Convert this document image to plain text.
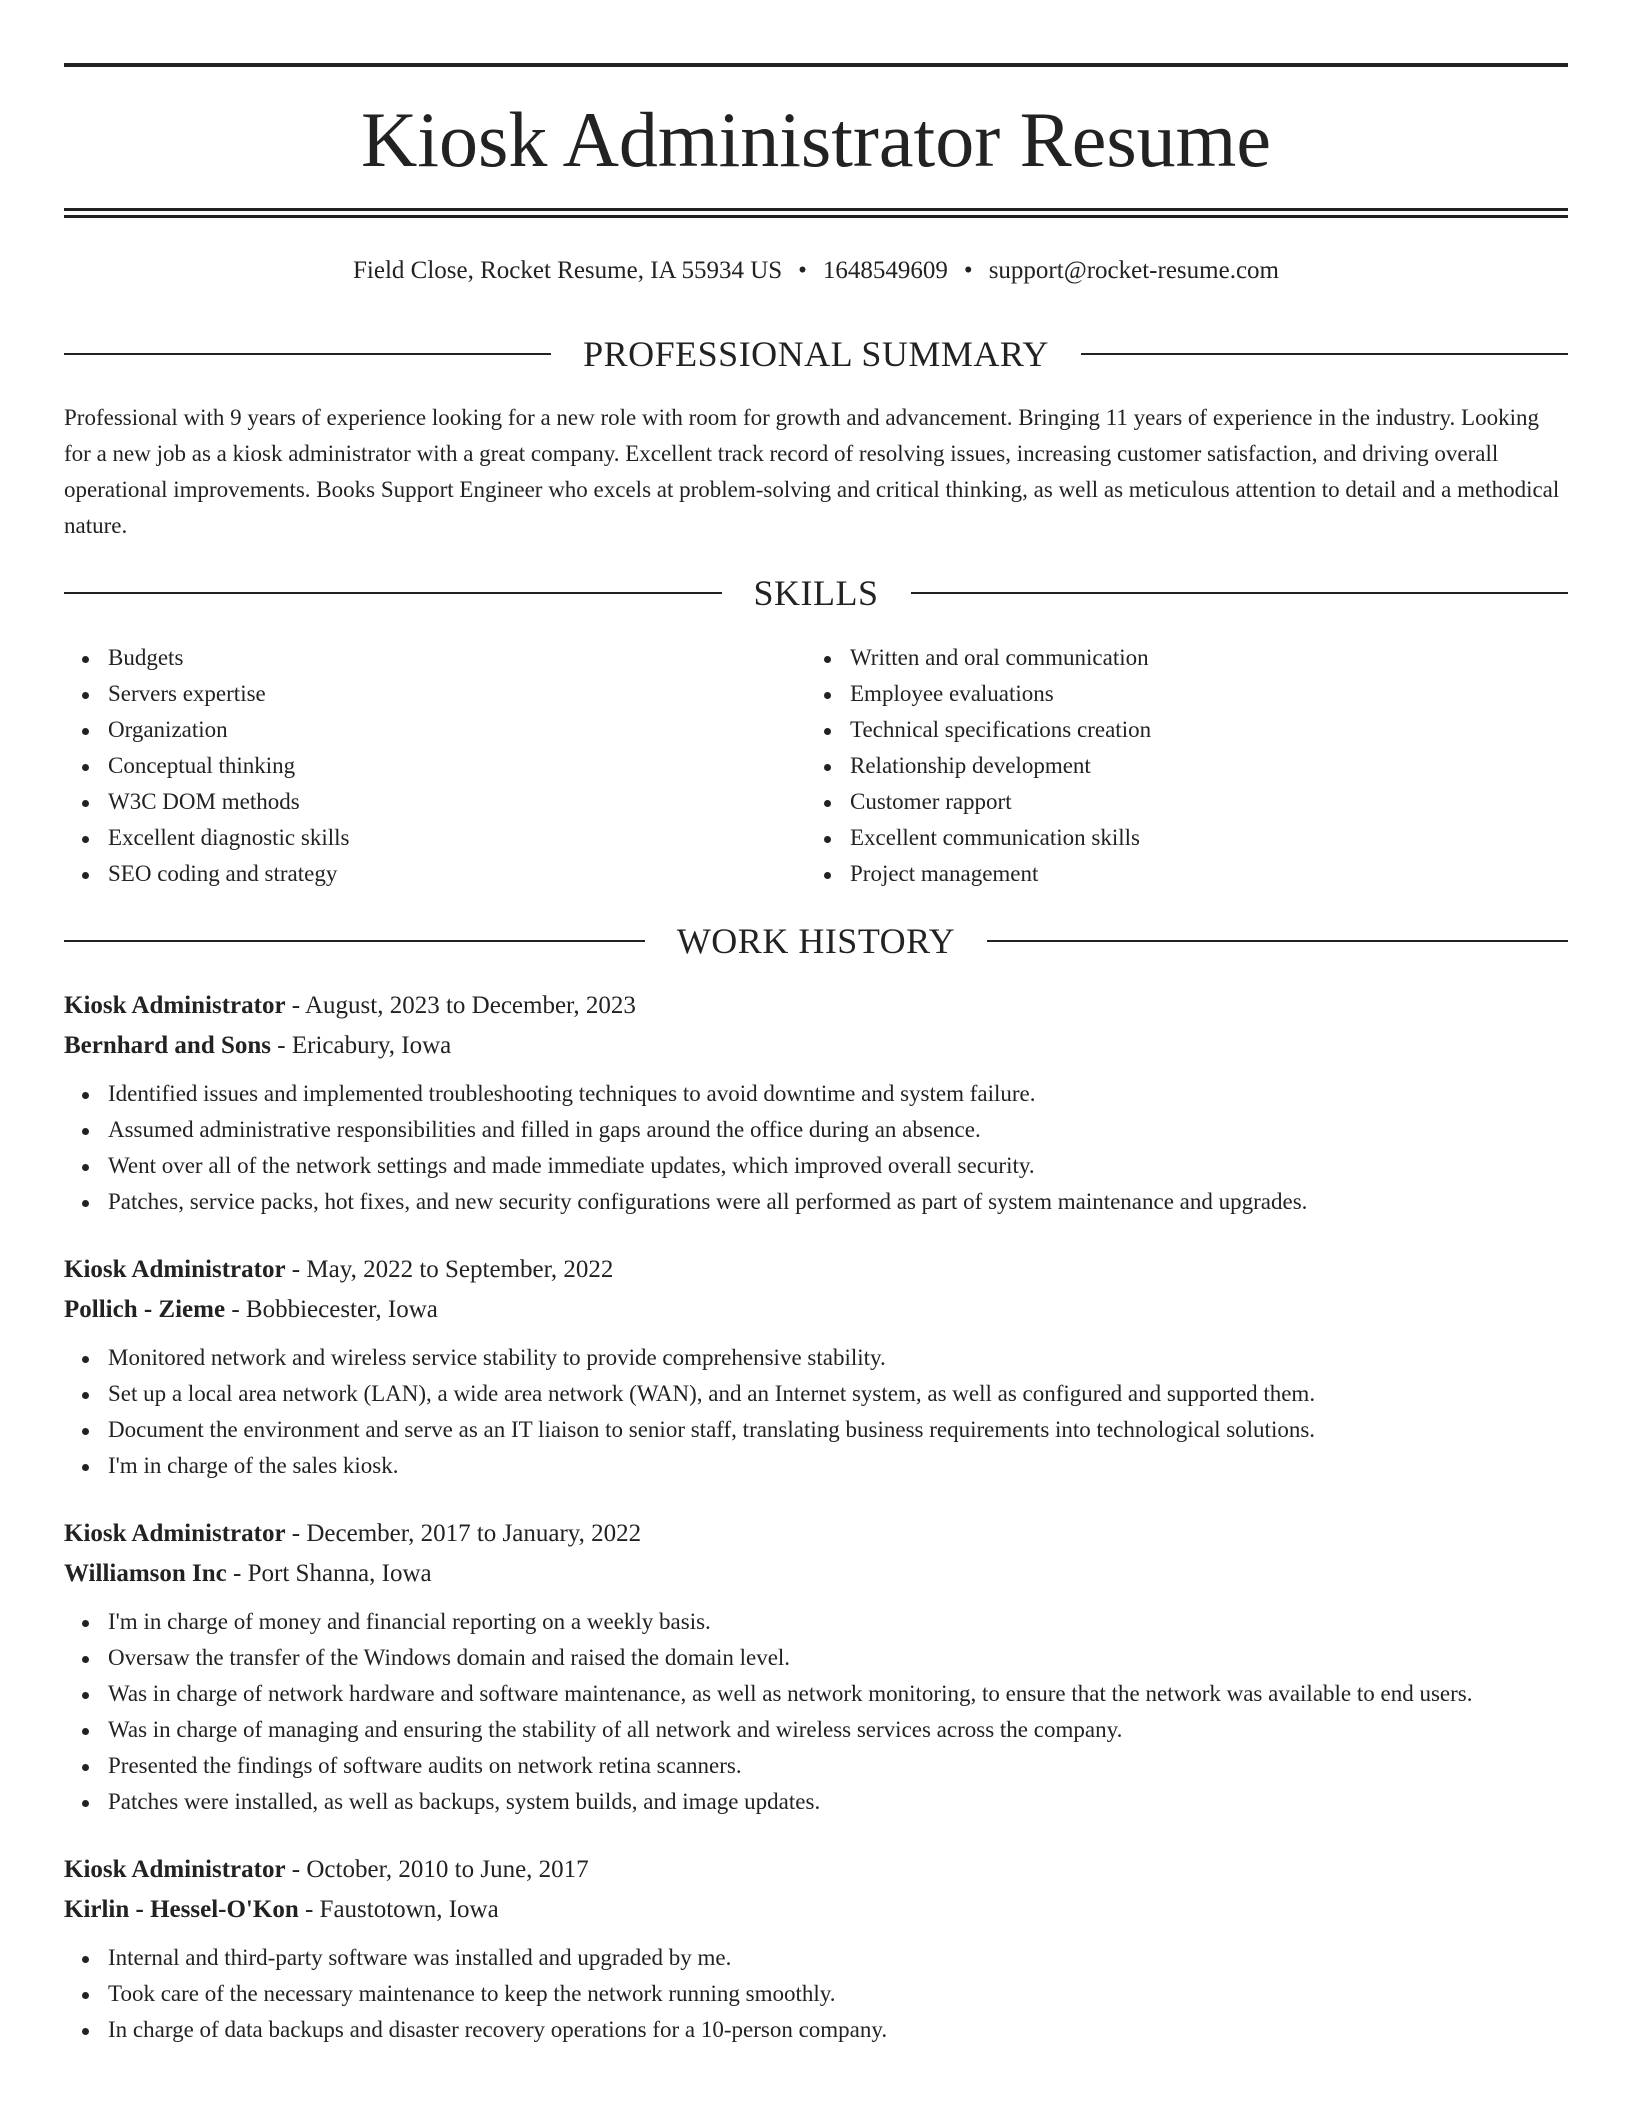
Kiosk Administrator Resume
Field Close, Rocket Resume, IA 55934 US • 1648549609 • support@rocket-resume.com
PROFESSIONAL SUMMARY

Professional with 9 years of experience looking for a new role with room for growth and advancement. Bringing 11 years of experience in the industry. Looking for a new job as a kiosk administrator with a great company. Excellent track record of resolving issues, increasing customer satisfaction, and driving overall operational improvements. Books Support Engineer who excels at problem-solving and critical thinking, as well as meticulous attention to detail and a methodical nature.

SKILLS
Budgets
Servers expertise
Organization
Conceptual thinking
W3C DOM methods
Excellent diagnostic skills
SEO coding and strategy
Written and oral communication
Employee evaluations
Technical specifications creation
Relationship development
Customer rapport
Excellent communication skills
Project management
WORK HISTORY
Kiosk Administrator - August, 2023 to December, 2023
Bernhard and Sons - Ericabury, Iowa
Identified issues and implemented troubleshooting techniques to avoid downtime and system failure.
Assumed administrative responsibilities and filled in gaps around the office during an absence.
Went over all of the network settings and made immediate updates, which improved overall security.
Patches, service packs, hot fixes, and new security configurations were all performed as part of system maintenance and upgrades.
Kiosk Administrator - May, 2022 to September, 2022
Pollich - Zieme - Bobbiecester, Iowa
Monitored network and wireless service stability to provide comprehensive stability.
Set up a local area network (LAN), a wide area network (WAN), and an Internet system, as well as configured and supported them.
Document the environment and serve as an IT liaison to senior staff, translating business requirements into technological solutions.
I'm in charge of the sales kiosk.
Kiosk Administrator - December, 2017 to January, 2022
Williamson Inc - Port Shanna, Iowa
I'm in charge of money and financial reporting on a weekly basis.
Oversaw the transfer of the Windows domain and raised the domain level.
Was in charge of network hardware and software maintenance, as well as network monitoring, to ensure that the network was available to end users.
Was in charge of managing and ensuring the stability of all network and wireless services across the company.
Presented the findings of software audits on network retina scanners.
Patches were installed, as well as backups, system builds, and image updates.
Kiosk Administrator - October, 2010 to June, 2017
Kirlin - Hessel-O'Kon - Faustotown, Iowa
Internal and third-party software was installed and upgraded by me.
Took care of the necessary maintenance to keep the network running smoothly.
In charge of data backups and disaster recovery operations for a 10-person company.
